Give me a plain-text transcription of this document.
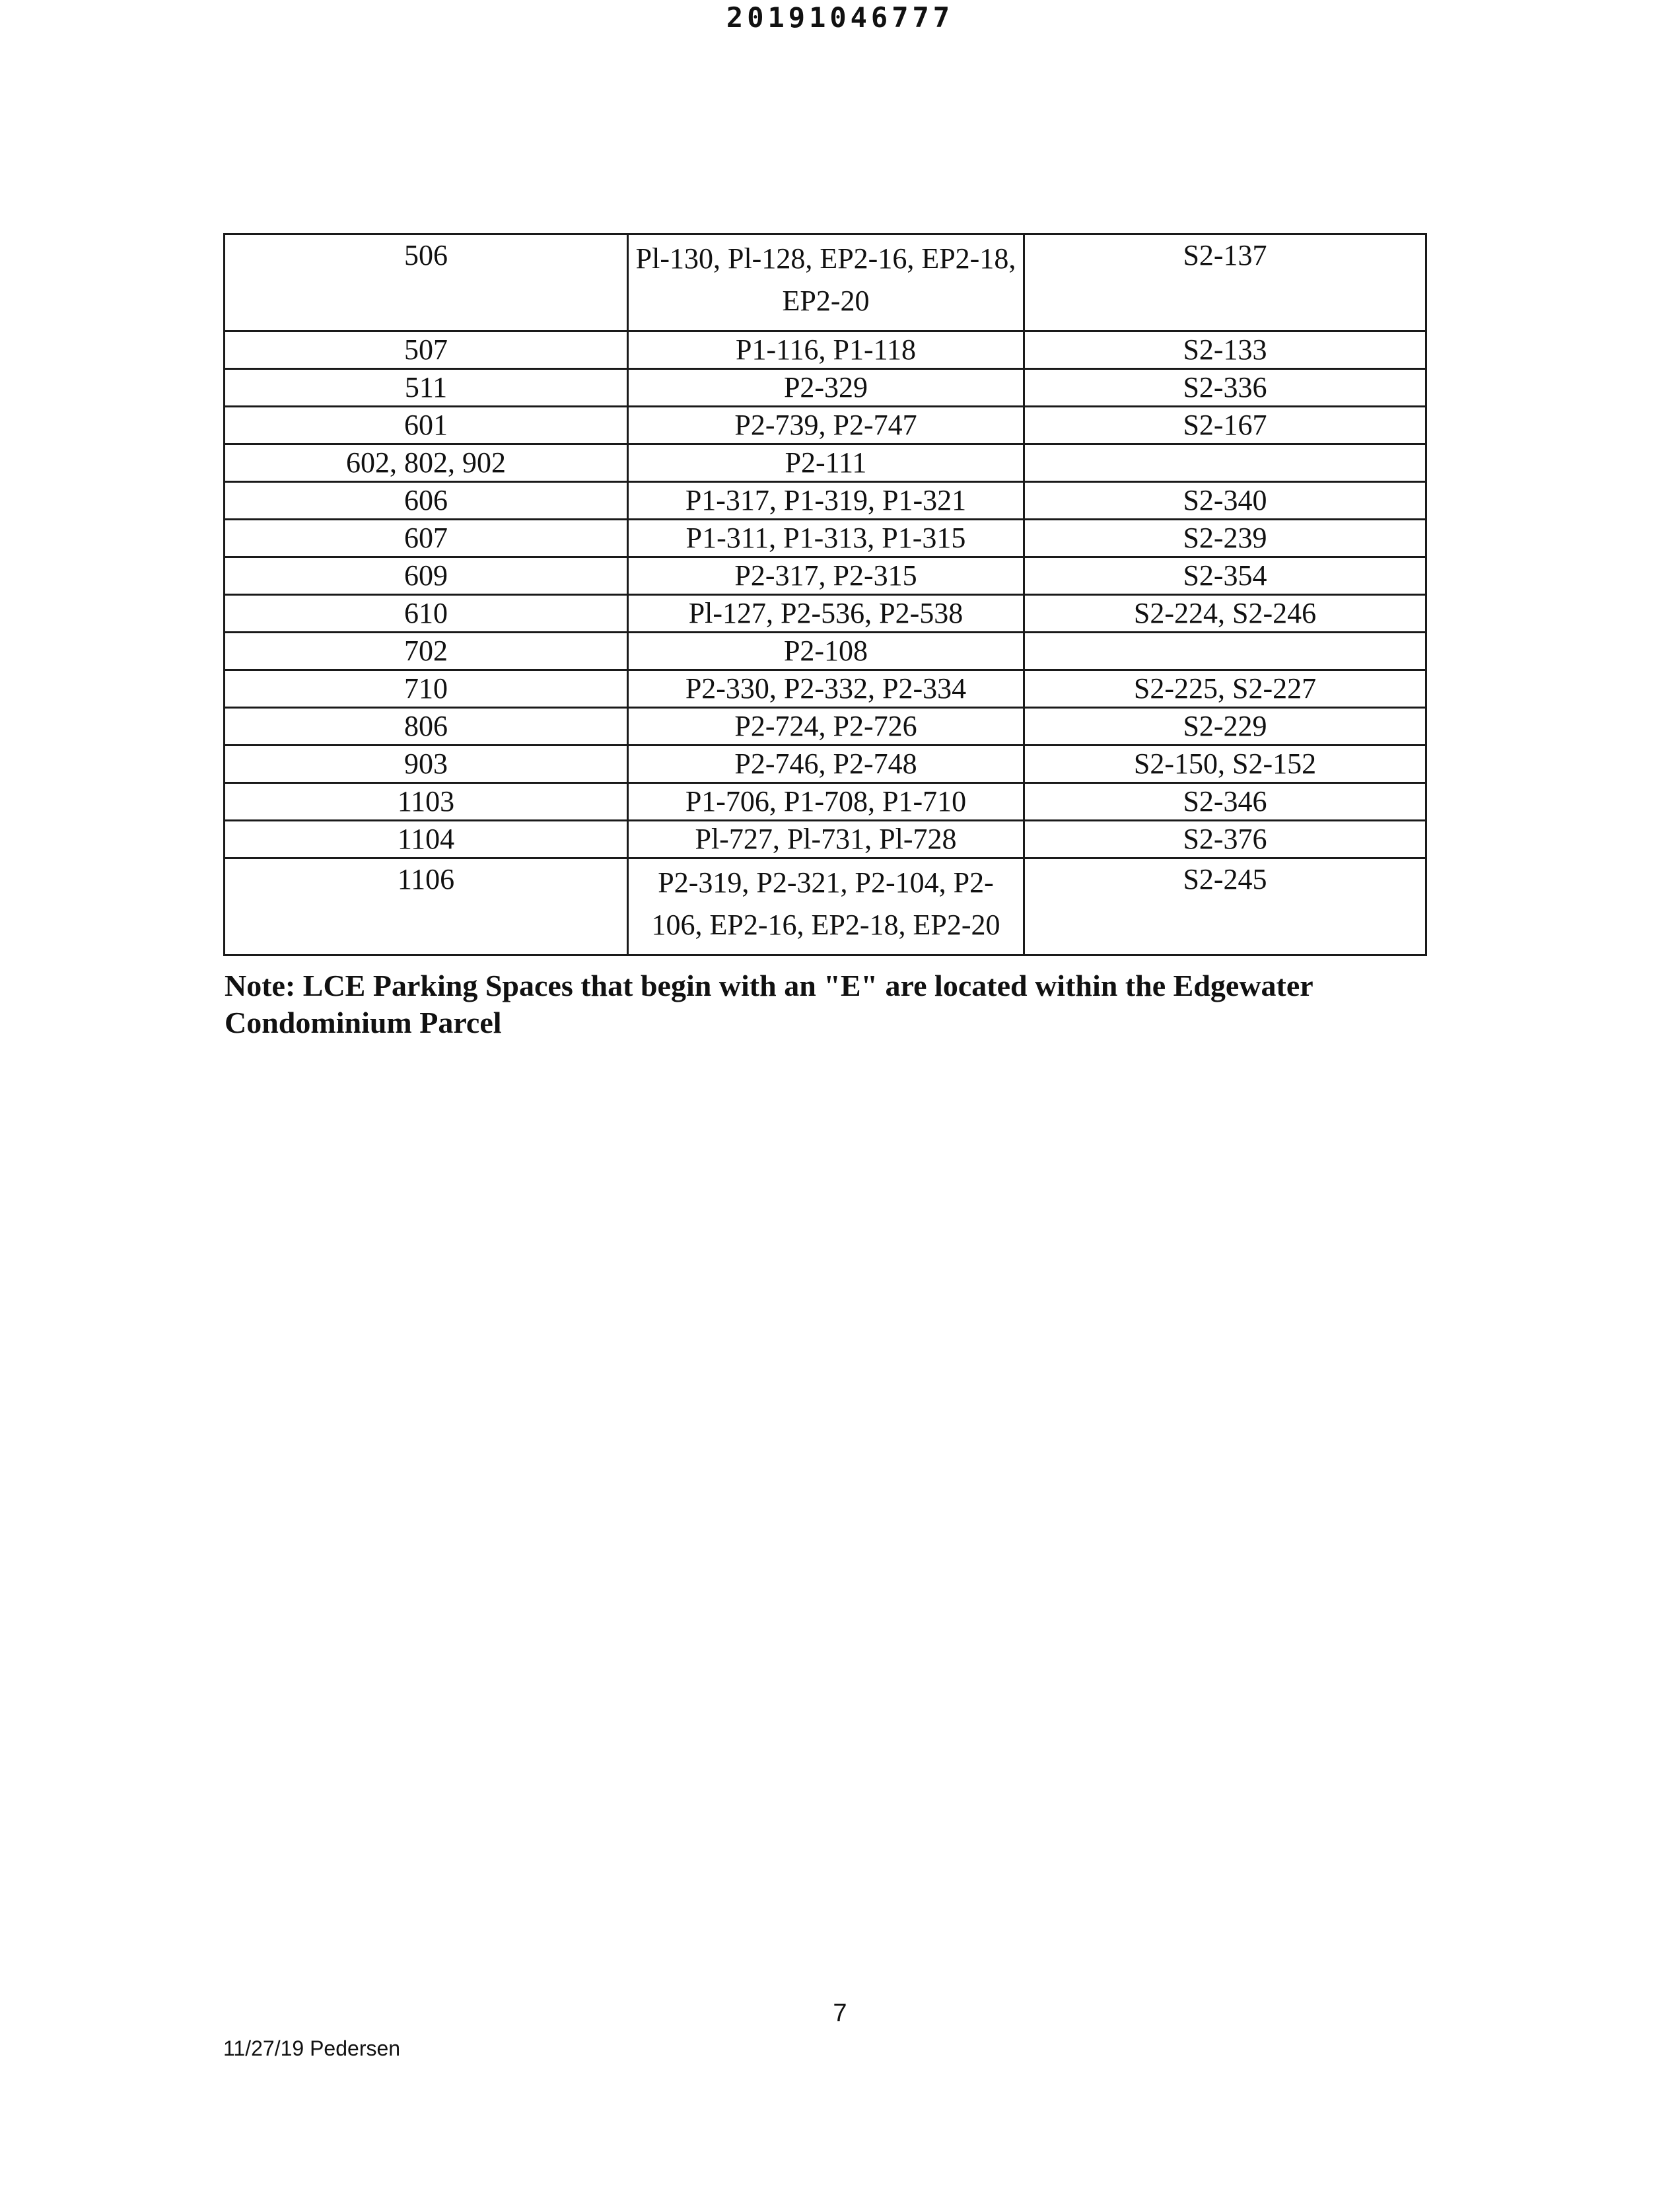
20191046777
506	Pl-130, Pl-128, EP2-16, EP2-18, EP2-20	S2-137
507	P1-116, P1-118	S2-133
511	P2-329	S2-336
601	P2-739, P2-747	S2-167
602, 802, 902	P2-111	
606	P1-317, P1-319, P1-321	S2-340
607	P1-311, P1-313, P1-315	S2-239
609	P2-317, P2-315	S2-354
610	Pl-127, P2-536, P2-538	S2-224, S2-246
702	P2-108	
710	P2-330, P2-332, P2-334	S2-225, S2-227
806	P2-724, P2-726	S2-229
903	P2-746, P2-748	S2-150, S2-152
1103	P1-706, P1-708, P1-710	S2-346
1104	Pl-727, Pl-731, Pl-728	S2-376
1106	P2-319, P2-321, P2-104, P2-106, EP2-16, EP2-18, EP2-20	S2-245

Note: LCE Parking Spaces that begin with an "E" are located within the Edgewater Condominium Parcel

7

11/27/19 Pedersen
